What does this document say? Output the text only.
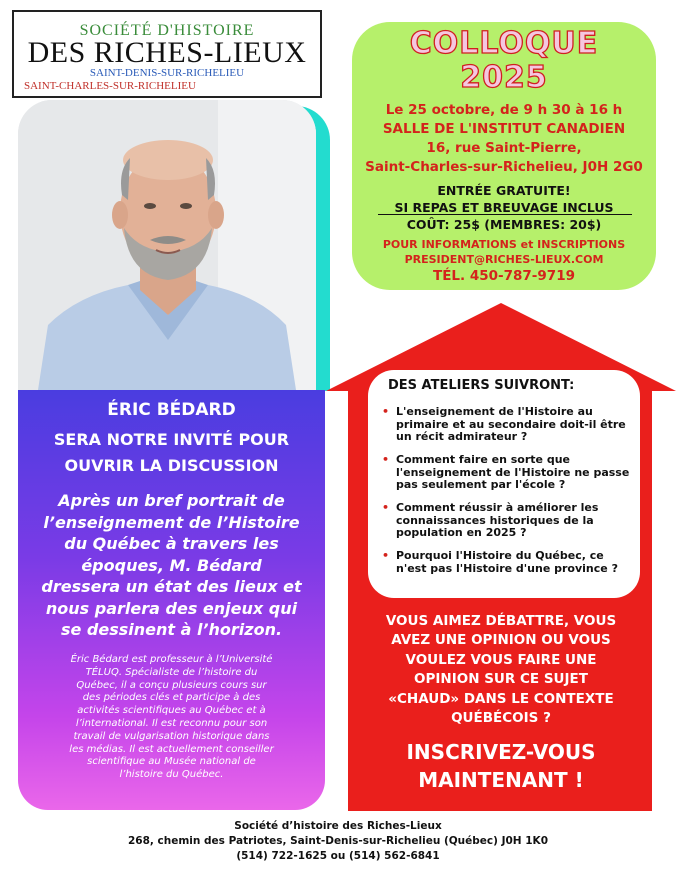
SOCIÉTÉ D'HISTOIRE
DES RICHES-LIEUX
SAINT-DENIS-SUR-RICHELIEU
SAINT-CHARLES-SUR-RICHELIEU
COLLOQUE
2025
Le 25 octobre, de 9 h 30 à 16 h
SALLE DE L'INSTITUT CANADIEN
16, rue Saint-Pierre,
Saint-Charles-sur-Richelieu, J0H 2G0
ENTRÉE GRATUITE!
SI REPAS ET BREUVAGE INCLUS
COÛT: 25$ (MEMBRES: 20$)
POUR INFORMATIONS et INSCRIPTIONS
PRESIDENT@RICHES-LIEUX.COM
TÉL. 450-787-9719
ÉRIC BÉDARD
SERA NOTRE INVITÉ POUR
OUVRIR LA DISCUSSION
Après un bref portrait de
l’enseignement de l’Histoire
du Québec à travers les
époques, M. Bédard
dressera un état des lieux et
nous parlera des enjeux qui
se dessinent à l’horizon.
Éric Bédard est professeur à l’Université
TÉLUQ. Spécialiste de l’histoire du
Québec, il a conçu plusieurs cours sur
des périodes clés et participe à des
activités scientifiques au Québec et à
l’international. Il est reconnu pour son
travail de vulgarisation historique dans
les médias. Il est actuellement conseiller
scientifique au Musée national de
l’histoire du Québec.
DES ATELIERS SUIVRONT:
• L'enseignement de l'Histoire au primaire et au secondaire doit-il être un récit admirateur ?
• Comment faire en sorte que l'enseignement de l'Histoire ne passe pas seulement par l'école ?
• Comment réussir à améliorer les connaissances historiques de la population en 2025 ?
• Pourquoi l'Histoire du Québec, ce n'est pas l'Histoire d'une province ?
VOUS AIMEZ DÉBATTRE, VOUS
AVEZ UNE OPINION OU VOUS
VOULEZ VOUS FAIRE UNE
OPINION SUR CE SUJET
«CHAUD» DANS LE CONTEXTE
QUÉBÉCOIS ?
INSCRIVEZ-VOUS
MAINTENANT !
Société d’histoire des Riches-Lieux
268, chemin des Patriotes, Saint-Denis-sur-Richelieu (Québec) J0H 1K0
(514) 722-1625 ou (514) 562-6841
